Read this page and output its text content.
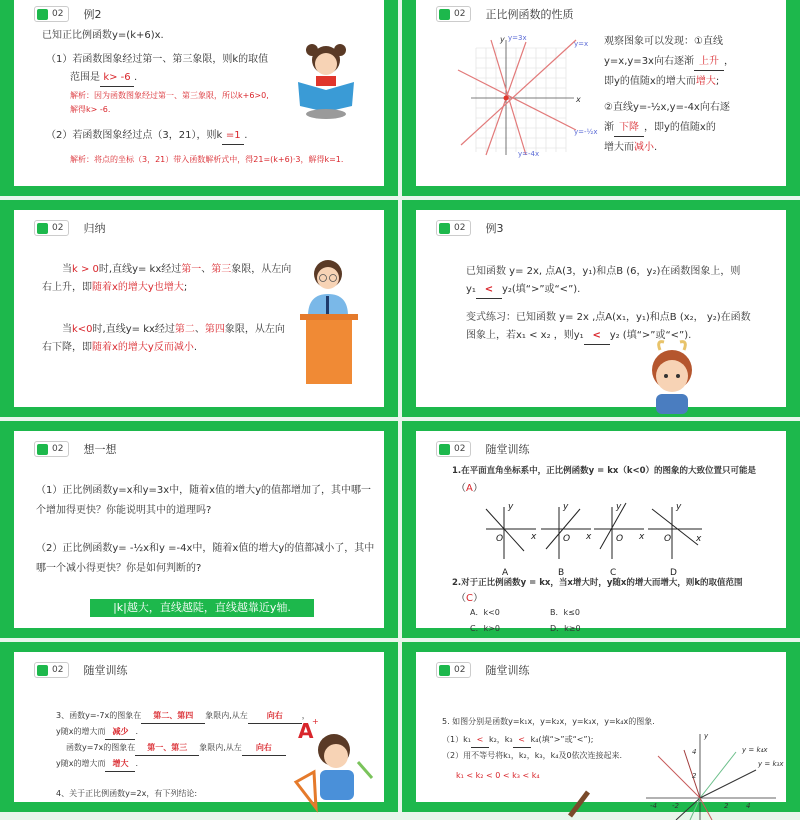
02 例2
已知正比例函数y=(k+6)x.
（1）若函数图象经过第一、第三象限，则k的取值
范围是 k> -6 .
解析：因为函数图象经过第一、第三象限，所以k+6>0,
解得k> -6.
（2）若函数图象经过点（3，21），则k =1 .
解析：将点的坐标（3，21）带入函数解析式中，得21=(k+6)·3，解得k=1.
02 正比例函数的性质
y=3x
y=x
y=-½x
y=-4x
x
y	观察图象可以发现：①直线
y=x,y=3x向右逐渐 上升 ，
即y的值随x的增大而增大;
②直线y=-½x,y=-4x向右逐
渐 下降 ，即y的值随x的
增大而减小.
02 归纳
当k > 0时,直线y= kx经过第一、第三象限，从左向
右上升，即随着x的增大y也增大;
当k<0时,直线y= kx经过第二、第四象限，从左向
右下降，即随着x的增大y反而减小.
02 例3
已知函数 y= 2x, 点A(3，y₁)和点B (6，y₂)在函数图象上，则
y₁ < y₂(填“>”或“<”).
变式练习：已知函数 y= 2x ,点A(x₁，y₁)和点B (x₂， y₂)在函数
图象上，若x₁ < x₂ ，则y₁ < y₂ (填“>”或“<”).
02 想一想
（1）正比例函数y=x和y=3x中，随着x值的增大y的值都增加了，其中哪一
个增加得更快？你能说明其中的道理吗?
（2）正比例函数y= -½x和y =-4x中，随着x值的增大y的值都减小了，其中
哪一个减小得更快？你是如何判断的?
|k|越大，直线越陡，直线越靠近y轴.
02 随堂训练
1.在平面直角坐标系中，正比例函数y = kx（k<0）的图象的大致位置只可能是
（A）
y
x
O
y
x
O
y
x
O
y
x
O
A	B	C	D
2.对于正比例函数y = kx，当x增大时，y随x的增大而增大，则k的取值范围
（C）
A．k<0	B．k≤0
C．k>0	D．k≥0
02 随堂训练
3、函数y=-7x的图象在 第二、第四 象限内,从左 向右 ，
y随x的增大而 减少 .
函数y=7x的图象在 第一、第三 象限内,从左 向右
y随x的增大而 增大 .
4、关于正比例函数y=2x，有下列结论:
A
+
02 随堂训练
5. 如图分别是函数y=k₁x，y=k₂x，y=k₃x，y=k₄x的图象.
（1）k₁ < k₂，k₃ < k₄(填“>”或“<”);
（2）用不等号将k₁，k₂，k₃，k₄及0依次连接起来.
k₁ < k₂ < 0 < k₃ < k₄
y
y = k₄x
y = k₃x
4
2
-4 -2	2	4
